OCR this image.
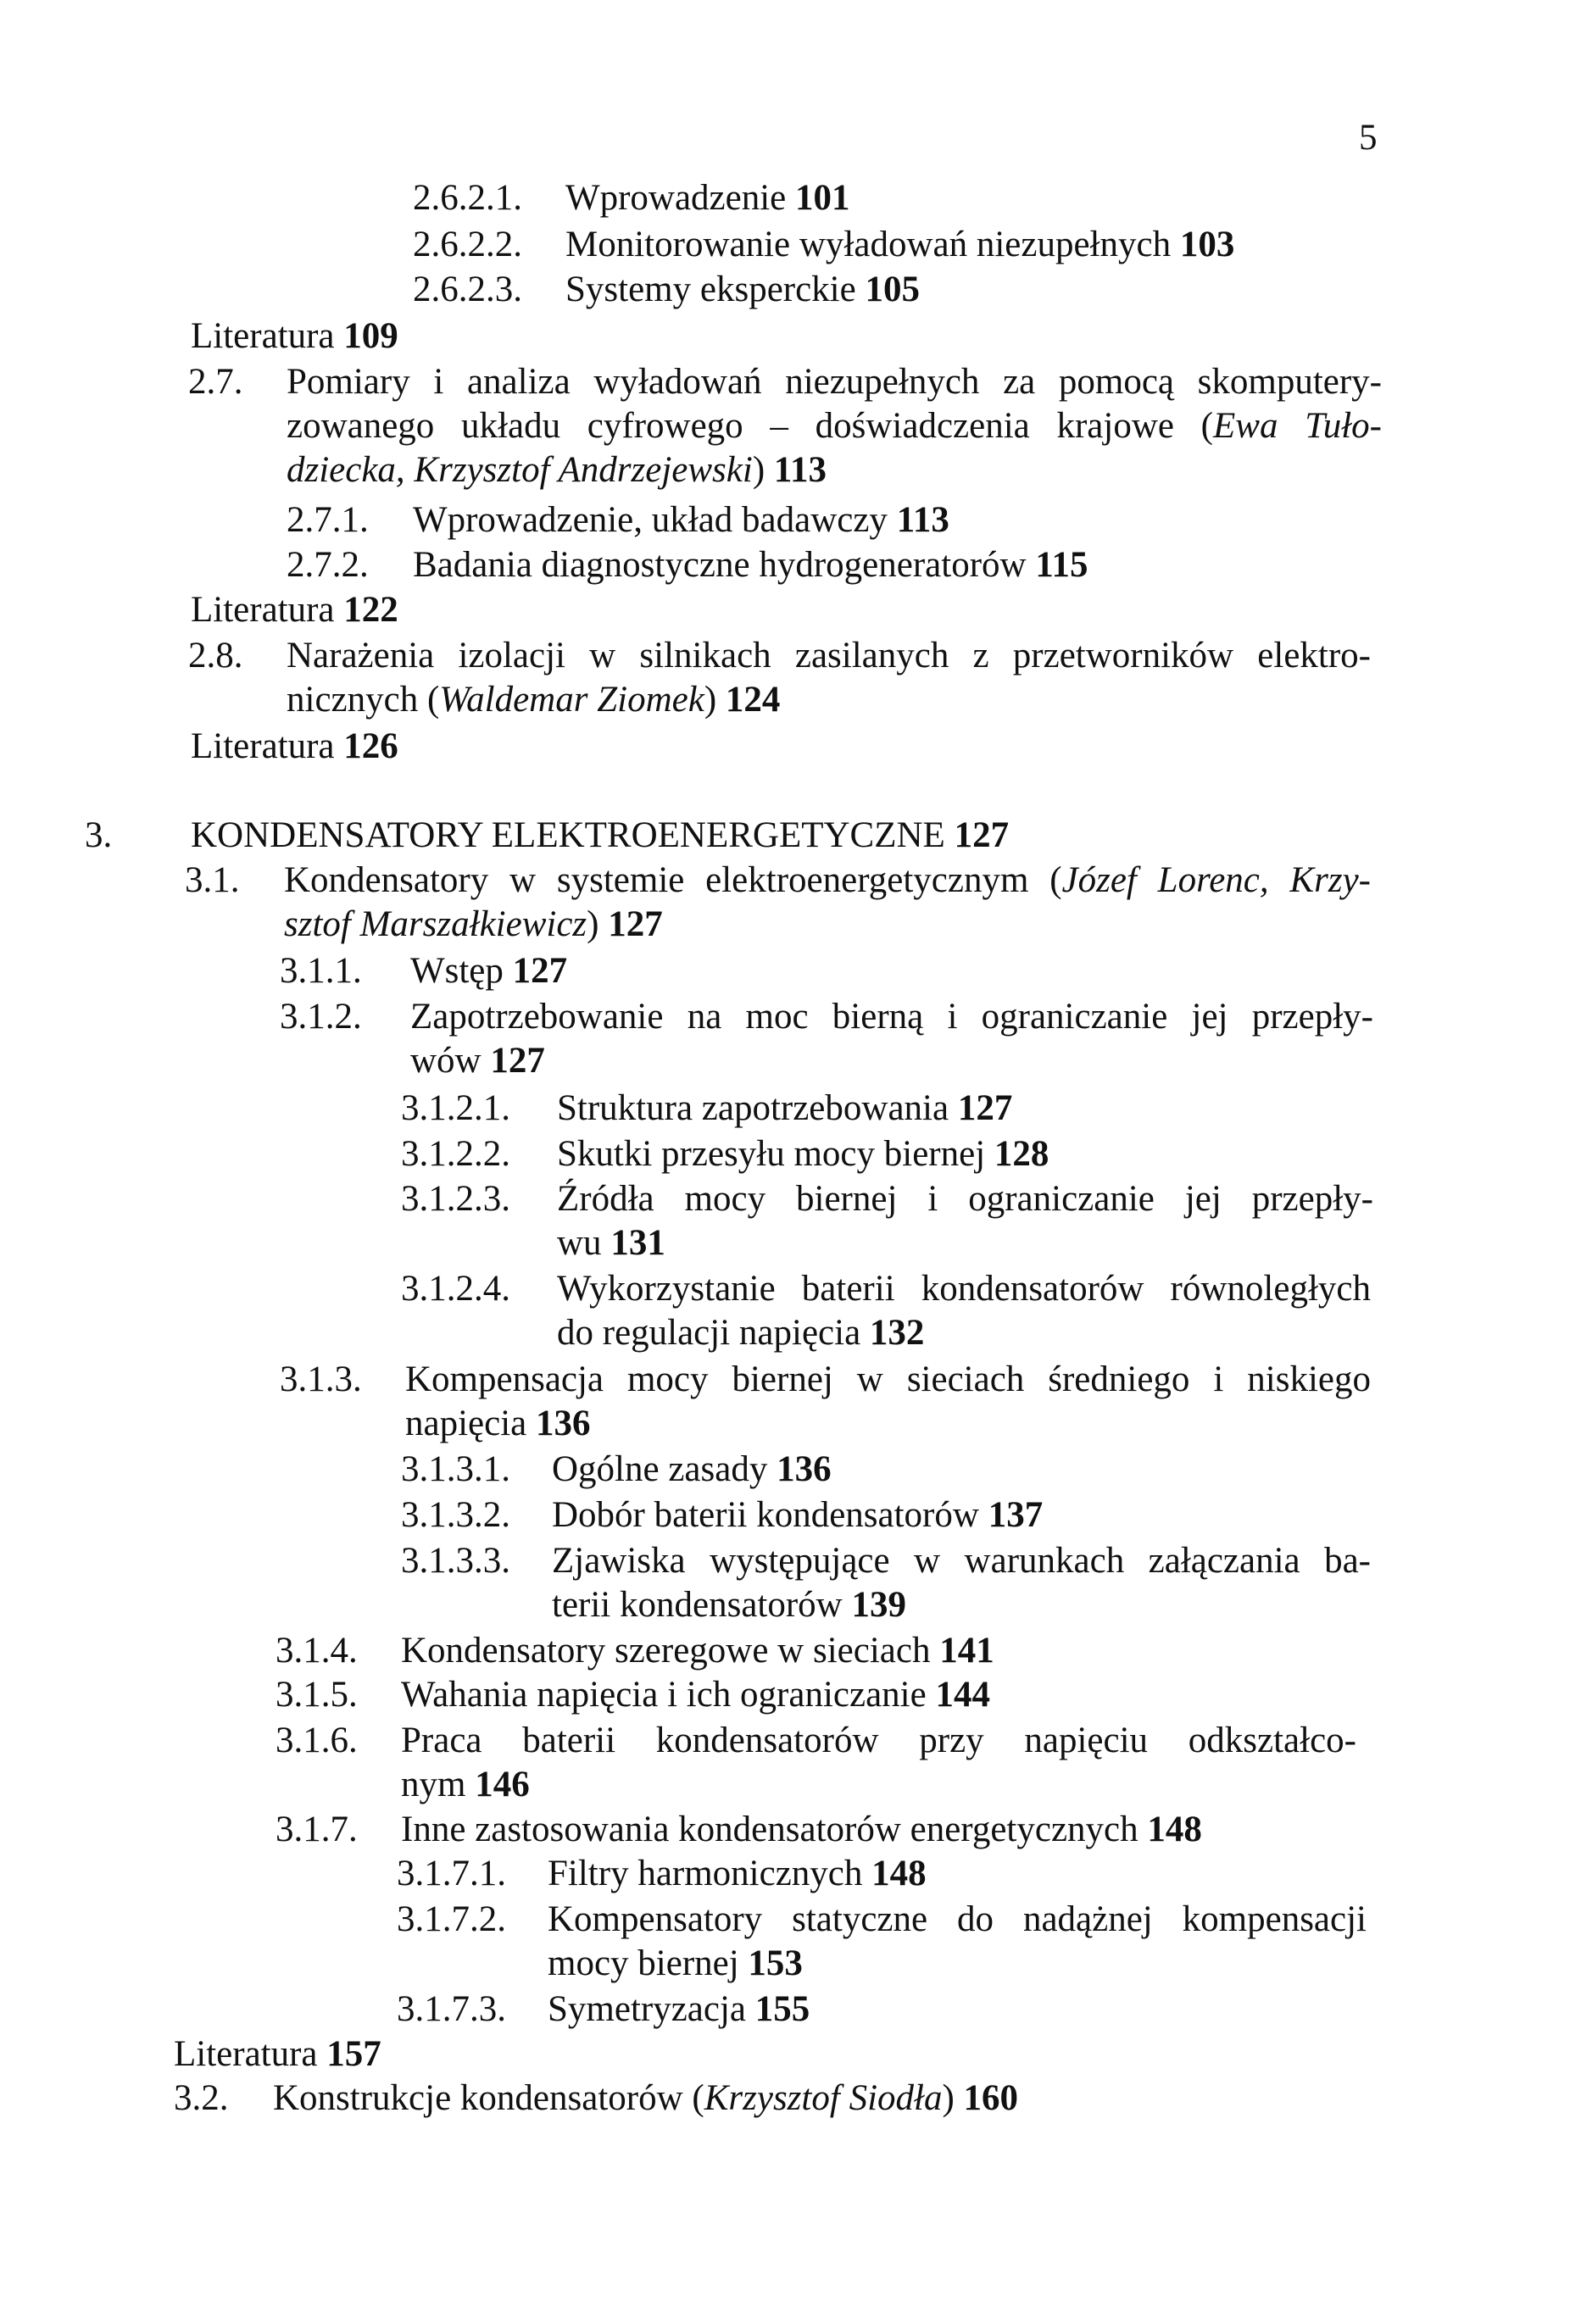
5
2.6.2.1. Wprowadzenie 101
2.6.2.2. Monitorowanie wyładowań niezupełnych 103
2.6.2.3. Systemy eksperckie 105
Literatura 109
2.7. Pomiary i analiza wyładowań niezupełnych za pomocą skomputery-
zowanego układu cyfrowego – doświadczenia krajowe (Ewa Tuło-
dziecka, Krzysztof Andrzejewski) 113
2.7.1. Wprowadzenie, układ badawczy 113
2.7.2. Badania diagnostyczne hydrogeneratorów 115
Literatura 122
2.8. Narażenia izolacji w silnikach zasilanych z przetworników elektro-
nicznych (Waldemar Ziomek) 124
Literatura 126
3. KONDENSATORY ELEKTROENERGETYCZNE 127
3.1. Kondensatory w systemie elektroenergetycznym (Józef Lorenc, Krzy-
sztof Marszałkiewicz) 127
3.1.1. Wstęp 127
3.1.2. Zapotrzebowanie na moc bierną i ograniczanie jej przepły-
wów 127
3.1.2.1. Struktura zapotrzebowania 127
3.1.2.2. Skutki przesyłu mocy biernej 128
3.1.2.3. Źródła mocy biernej i ograniczanie jej przepły-
wu 131
3.1.2.4. Wykorzystanie baterii kondensatorów równoległych
do regulacji napięcia 132
3.1.3. Kompensacja mocy biernej w sieciach średniego i niskiego
napięcia 136
3.1.3.1. Ogólne zasady 136
3.1.3.2. Dobór baterii kondensatorów 137
3.1.3.3. Zjawiska występujące w warunkach załączania ba-
terii kondensatorów 139
3.1.4. Kondensatory szeregowe w sieciach 141
3.1.5. Wahania napięcia i ich ograniczanie 144
3.1.6. Praca baterii kondensatorów przy napięciu odkształco-
nym 146
3.1.7. Inne zastosowania kondensatorów energetycznych 148
3.1.7.1. Filtry harmonicznych 148
3.1.7.2. Kompensatory statyczne do nadążnej kompensacji
mocy biernej 153
3.1.7.3. Symetryzacja 155
Literatura 157
3.2. Konstrukcje kondensatorów (Krzysztof Siodła) 160
